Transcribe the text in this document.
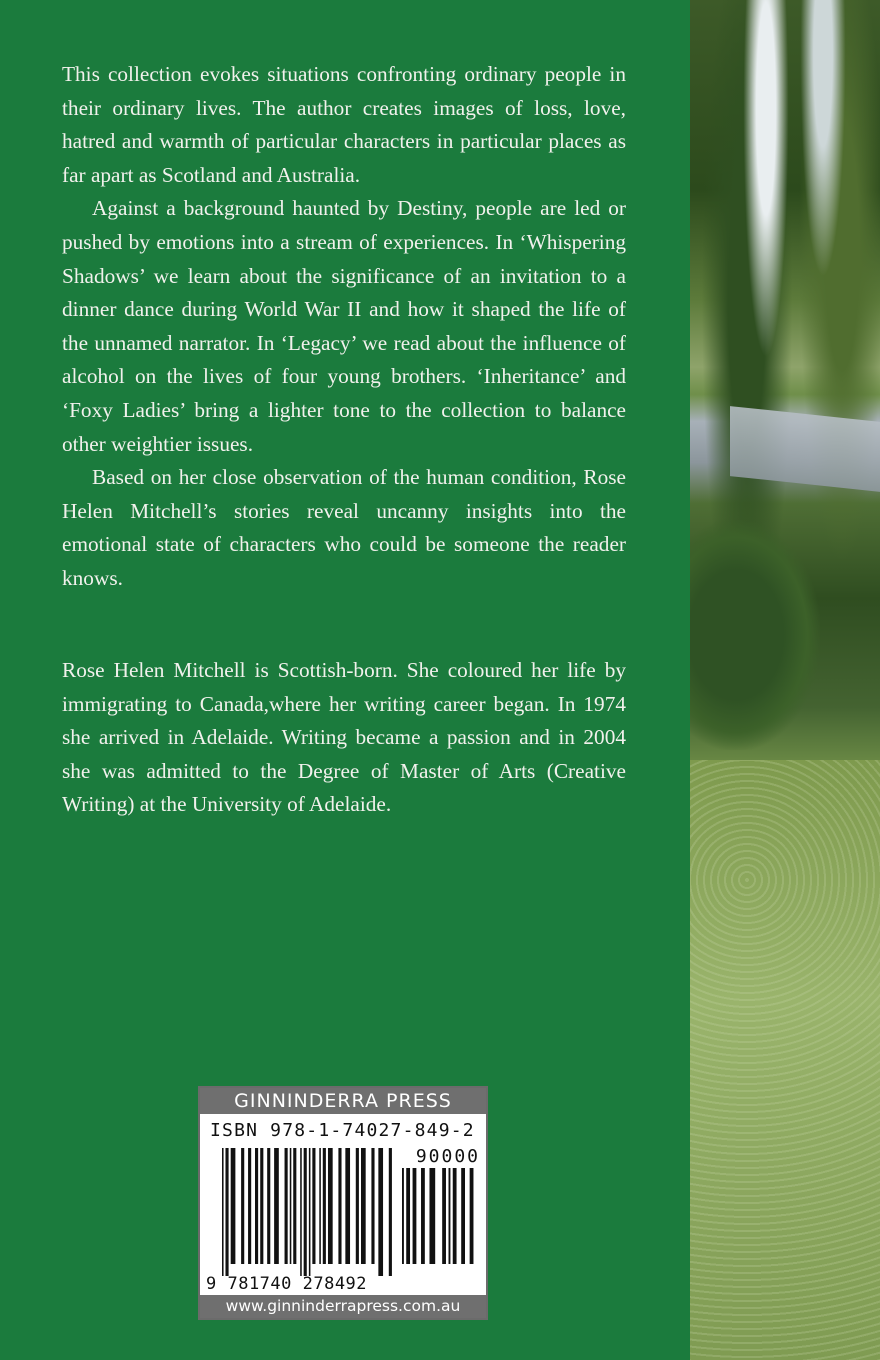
This collection evokes situations confronting ordinary people in their ordinary lives. The author creates images of loss, love, hatred and warmth of particular characters in particular places as far apart as Scotland and Australia.

Against a background haunted by Destiny, people are led or pushed by emotions into a stream of experiences. In ‘Whispering Shadows’ we learn about the significance of an invitation to a dinner dance during World War II and how it shaped the life of the unnamed narrator. In ‘Legacy’ we read about the influence of alcohol on the lives of four young brothers. ‘Inheritance’ and ‘Foxy Ladies’ bring a lighter tone to the collection to balance other weightier issues.

Based on her close observation of the human condition, Rose Helen Mitchell’s stories reveal uncanny insights into the emotional state of characters who could be someone the reader knows.

Rose Helen Mitchell is Scottish-born. She coloured her life by immigrating to Canada,where her writing career began. In 1974 she arrived in Adelaide. Writing became a passion and in 2004 she was admitted to the Degree of Master of Arts (Creative Writing) at the University of Adelaide.

GINNINDERRA PRESS
ISBN 978-1-74027-849-2
90000
9 781740 278492
www.ginninderrapress.com.au
